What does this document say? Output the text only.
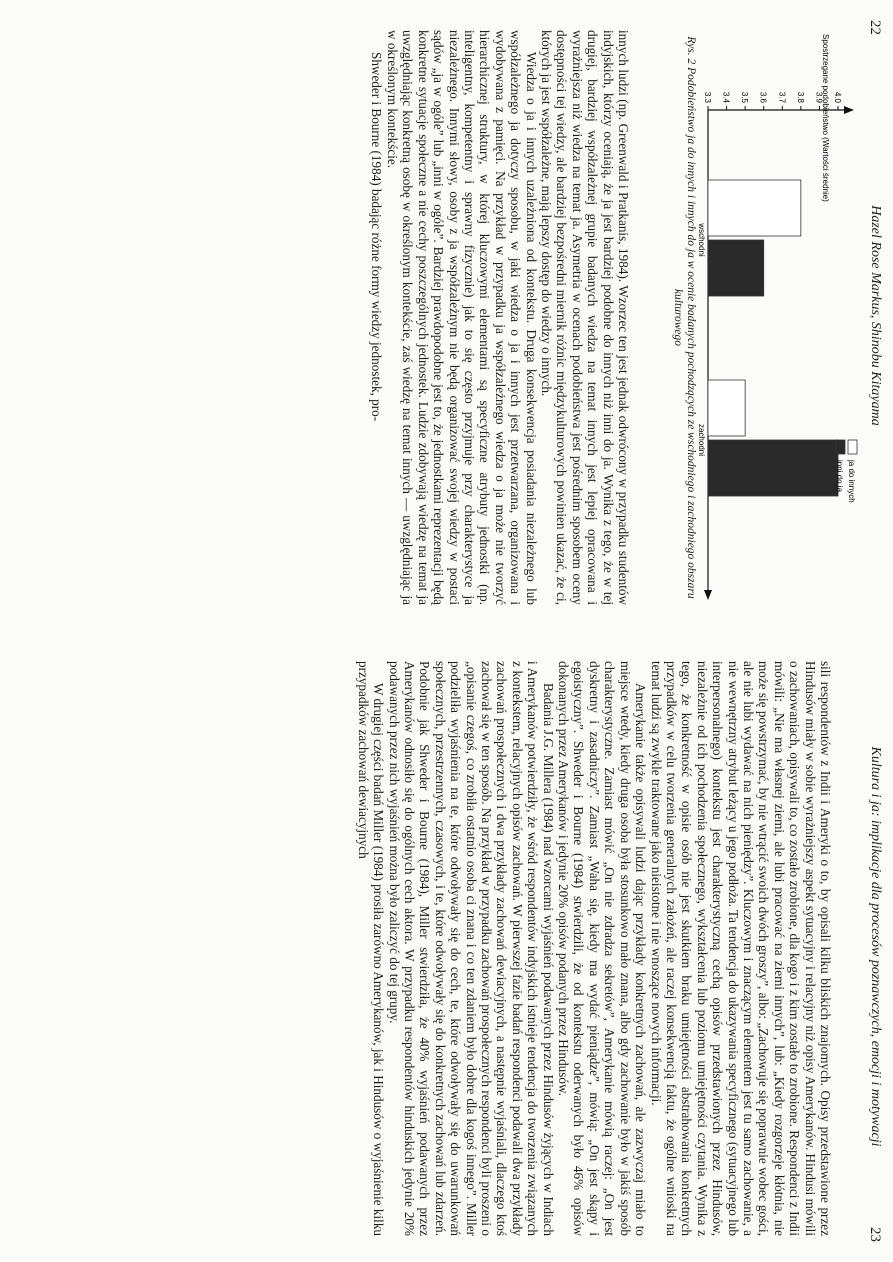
22
Hazel Rose Markus, Shinobu Kitayama
3.3 3.4 3.5 3.6 3.7 3.8 3.9 4.0
Spostrzegane podobieństwo (Wartości średnie)
wschodni
zachodni
ja do innych
inni do ja
Rys. 2 Podobieństwo ja do innych i innych do ja w ocenie badanych pochodzących ze wschodniego i zachodniego obszaru kulturowego

innych ludzi (np. Greenwald i Pratkanis, 1984). Wzorzec ten jest jednak odwrócony w przypadku studentów indyjskich, którzy oceniają, że ja jest bardziej podobne do innych niż inni do ja. Wynika z tego, że w tej drugiej, bardziej współzależnej grupie badanych wiedza na temat innych jest lepiej opracowana i wyrażniejsza niż wiedza na temat ja. Asymetria w ocenach podobieństwa jest pośrednim sposobem oceny dostępności tej wiedzy, ale bardziej bezpośredni miernik różnic międzykulturowych powinien ukazać, że ci, których ja jest współzależne, mają lepszy dostęp do wiedzy o innych.

Wiedza o ja i innych uzależniona od kontekstu. Druga konsekwencja posiadania niezależnego lub współzależnego ja dotyczy sposobu, w jaki wiedza o ja i innych jest przetwarzana, organizowana i wydobywana z pamięci. Na przykład w przypadku ja współzależnego wiedza o ja może nie tworzyć hierarchicznej struktury, w której kluczowymi elementami są specyficzne atrybuty jednostki (np. inteligentny, kompetentny i sprawny fizycznie) jak to się często przyjmuje przy charakterystyce ja niezależnego. Innymi słowy, osoby z ja współzależnym nie będą organizować swojej wiedzy w postaci sądów „ja w ogóle” lub „inni w ogóle”. Bardziej prawdopodobne jest to, że jednostkami reprezentacji będą konkretne sytuacje społeczne a nie cechy poszczególnych jednostek. Ludzie zdobywają wiedzę na temat ja uwzględniając konkretną osobę w określonym kontekście, zaś wiedzę na temat innych — uwzględniając ja w określonym kontekście.

Shweder i Bourne (1984) badając różne formy wiedzy jednostek, pro-

Kultura i ja: implikacje dla procesów poznawczych, emocji i motywacji
23

sili respondentów z Indii i Ameryki o to, by opisali kilku bliskich znajomych. Opisy przedstawione przez Hindusów miały w sobie wyrażniejszy aspekt sytuacyjny i relacyjny niż opisy Amerykanów. Hindusi mówili o zachowaniach, opisywali to, co zostało zrobione, dla kogo i z kim zostało to zrobione. Respondenci z Indii mówili: „Nie ma własnej ziemi, ale lubi pracować na ziemi innych”, lub: „Kiedy rozgorzeje kłótnia, nie może się powstrzymać, by nie wtrącić swoich dwóch groszy”, albo: „Zachowuje się poprawnie wobec gości, ale nie lubi wydawać na nich pieniędzy”. Kluczowym i znaczącym elementem jest tu samo zachowanie, a nie wewnętrzny atrybut leżący u jego podłoża. Ta tendencja do ukazywania specyficznego (sytuacyjnego lub interpersonalnego) kontekstu jest charakterystyczną cechą opisów przedstawionych przez Hindusów, niezależnie od ich pochodzenia społecznego, wykształcenia lub poziomu umiejętności czytania. Wynika z tego, że konkretność w opisie osób nie jest skutkiem braku umiejętności abstrahowania konkretnych przypadków w celu tworzenia generalnych założeń, ale raczej konsekwencją faktu, że ogólne wnioski na temat ludzi są zwykle traktowane jako nieistotne i nie wnoszące nowych informacji.

Amerykanie także opisywali ludzi dając przykłady konkretnych zachowań, ale zazwyczaj miało to miejsce wtedy, kiedy druga osoba była stosunkowo mało znana, albo gdy zachowanie było w jakiś sposób charakterystyczne. Zamiast mówić „On nie zdradza sekretów”, Amerykanie mówią raczej: „On jest dyskretny i zasadniczy”. Zamiast „Waha się, kiedy ma wydać pieniądze”, mówią: „On jest skąpy i egoistyczny”. Shweder i Bourne (1984) stwierdzili, że od kontekstu oderwanych było 46% opisów dokonanych przez Amerykanów i jedynie 20% opisów podanych przez Hindusów.

Badania J.G. Millera (1984) nad wzorcami wyjaśnień podawanych przez Hindusów żyjących w Indiach i Amerykanów potwierdziły, że wśród respondentów indyjskich istnieje tendencja do tworzenia związanych z kontekstem, relacyjnych opisów zachowań. W pierwszej fazie badań respondenci podawali dwa przykłady zachowań prospołecznych i dwa przykłady zachowań dewiacyjnych, a następnie wyjaśniali, dlaczego ktoś zachował się w ten sposób. Na przykład w przypadku zachowań prospołecznych respondenci byli proszeni o „opisanie czegoś, co zrobiła ostatnio osoba ci znana i co ten zdaniem było dobre dla kogoś innego”. Miller podzieliła wyjaśnienia na te, które odwoływały się do cech, te, które odwoływały się do uwarunkowań społecznych, przestrzennych, czasowych, i te, które odwoływały się do konkretnych zachowań lub zdarzeń. Podobnie jak Shweder i Bourne (1984), Miller stwierdziła, że 40% wyjaśnień podawanych przez Amerykanów odnosiło się do ogólnych cech aktora. W przypadku respondentów hinduskich jedynie 20% podawanych przez nich wyjaśnień można było zaliczyć do tej grupy.

W drugiej części badań Miller (1984) prosiła zarówno Amerykanów, jak i Hindusów o wyjaśnienie kilku przypadków zachowań dewiacyjnych
